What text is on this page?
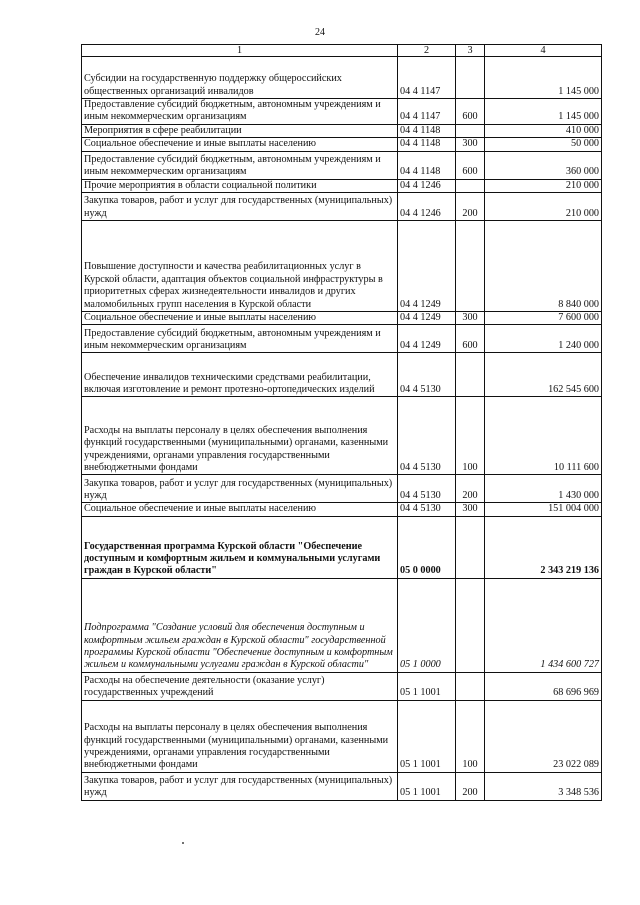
24
1	2	3	4
Субсидии на государственную поддержку общероссийских общественных организаций инвалидов	04 4 1147		1 145 000
Предоставление субсидий бюджетным, автономным учреждениям и иным некоммерческим организациям	04 4 1147	600	1 145 000
Мероприятия в сфере реабилитации	04 4 1148		410 000
Социальное обеспечение и иные выплаты населению	04 4 1148	300	50 000
Предоставление субсидий бюджетным, автономным учреждениям и иным некоммерческим организациям	04 4 1148	600	360 000
Прочие мероприятия в области социальной политики	04 4 1246		210 000
Закупка товаров, работ и услуг для государственных (муниципальных) нужд	04 4 1246	200	210 000
Повышение доступности и качества реабилитационных услуг в Курской области, адаптация объектов социальной инфраструктуры в приоритетных сферах жизнедеятельности инвалидов и других маломобильных групп населения в Курской области	04 4 1249		8 840 000
Социальное обеспечение и иные выплаты населению	04 4 1249	300	7 600 000
Предоставление субсидий бюджетным, автономным учреждениям и иным некоммерческим организациям	04 4 1249	600	1 240 000
Обеспечение инвалидов техническими средствами реабилитации, включая изготовление и ремонт протезно-ортопедических изделий	04 4 5130		162 545 600
Расходы на выплаты персоналу в целях обеспечения выполнения функций государственными (муниципальными) органами, казенными учреждениями, органами управления государственными внебюджетными фондами	04 4 5130	100	10 111 600
Закупка товаров, работ и услуг для государственных (муниципальных) нужд	04 4 5130	200	1 430 000
Социальное обеспечение и иные выплаты населению	04 4 5130	300	151 004 000
Государственная программа Курской области "Обеспечение доступным и комфортным жильем и коммунальными услугами граждан в Курской области"	05 0 0000		2 343 219 136
Подпрограмма "Создание условий для обеспечения доступным и комфортным жильем граждан в Курской области" государственной программы Курской области "Обеспечение доступным и комфортным жильем и коммунальными услугами граждан в Курской области"	05 1 0000		1 434 600 727
Расходы на обеспечение деятельности (оказание услуг) государственных учреждений	05 1 1001		68 696 969
Расходы на выплаты персоналу в целях обеспечения выполнения функций государственными (муниципальными) органами, казенными учреждениями, органами управления государственными внебюджетными фондами	05 1 1001	100	23 022 089
Закупка товаров, работ и услуг для государственных (муниципальных) нужд	05 1 1001	200	3 348 536
